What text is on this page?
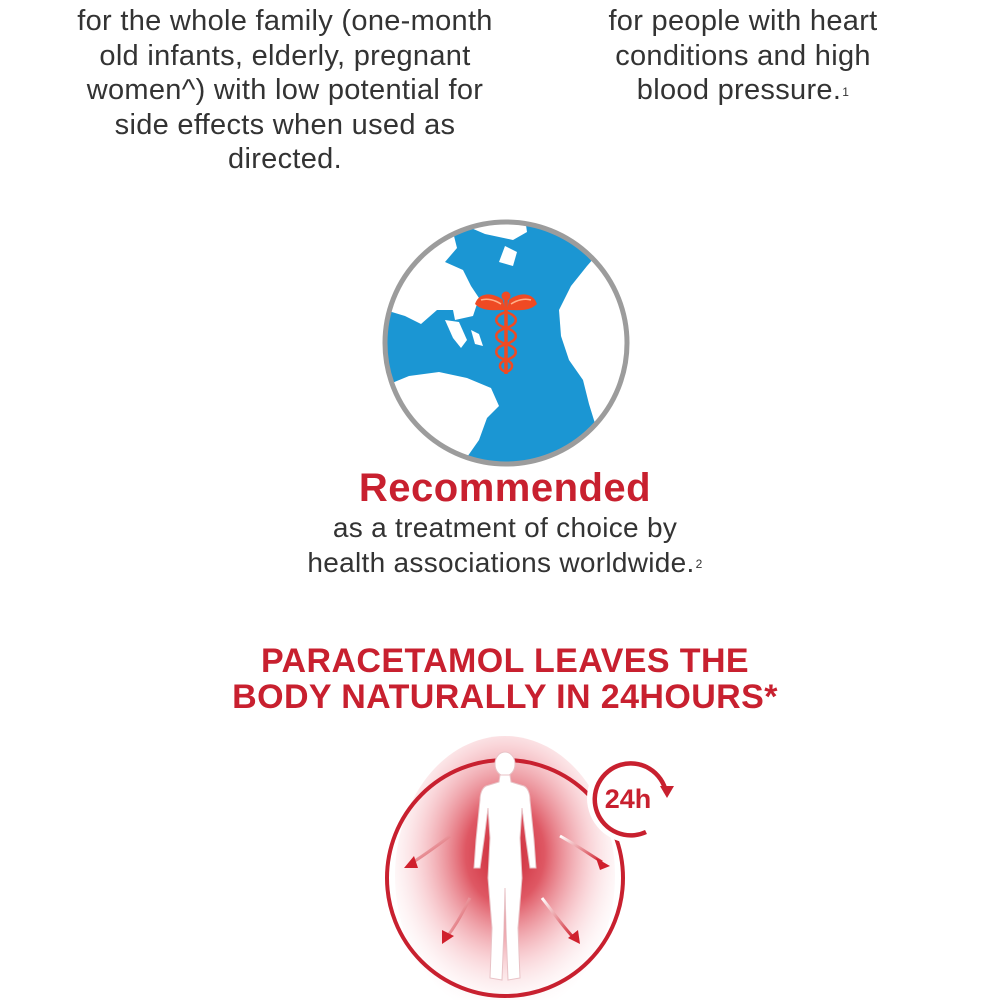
for the whole family (one-month
old infants, elderly, pregnant
women^) with low potential for
side effects when used as
directed.
for people with heart
conditions and high
blood pressure.$^1$
Recommended
as a treatment of choice by
health associations worldwide.$^2$
PARACETAMOL LEAVES THE
BODY NATURALLY IN 24HOURS*
24h
